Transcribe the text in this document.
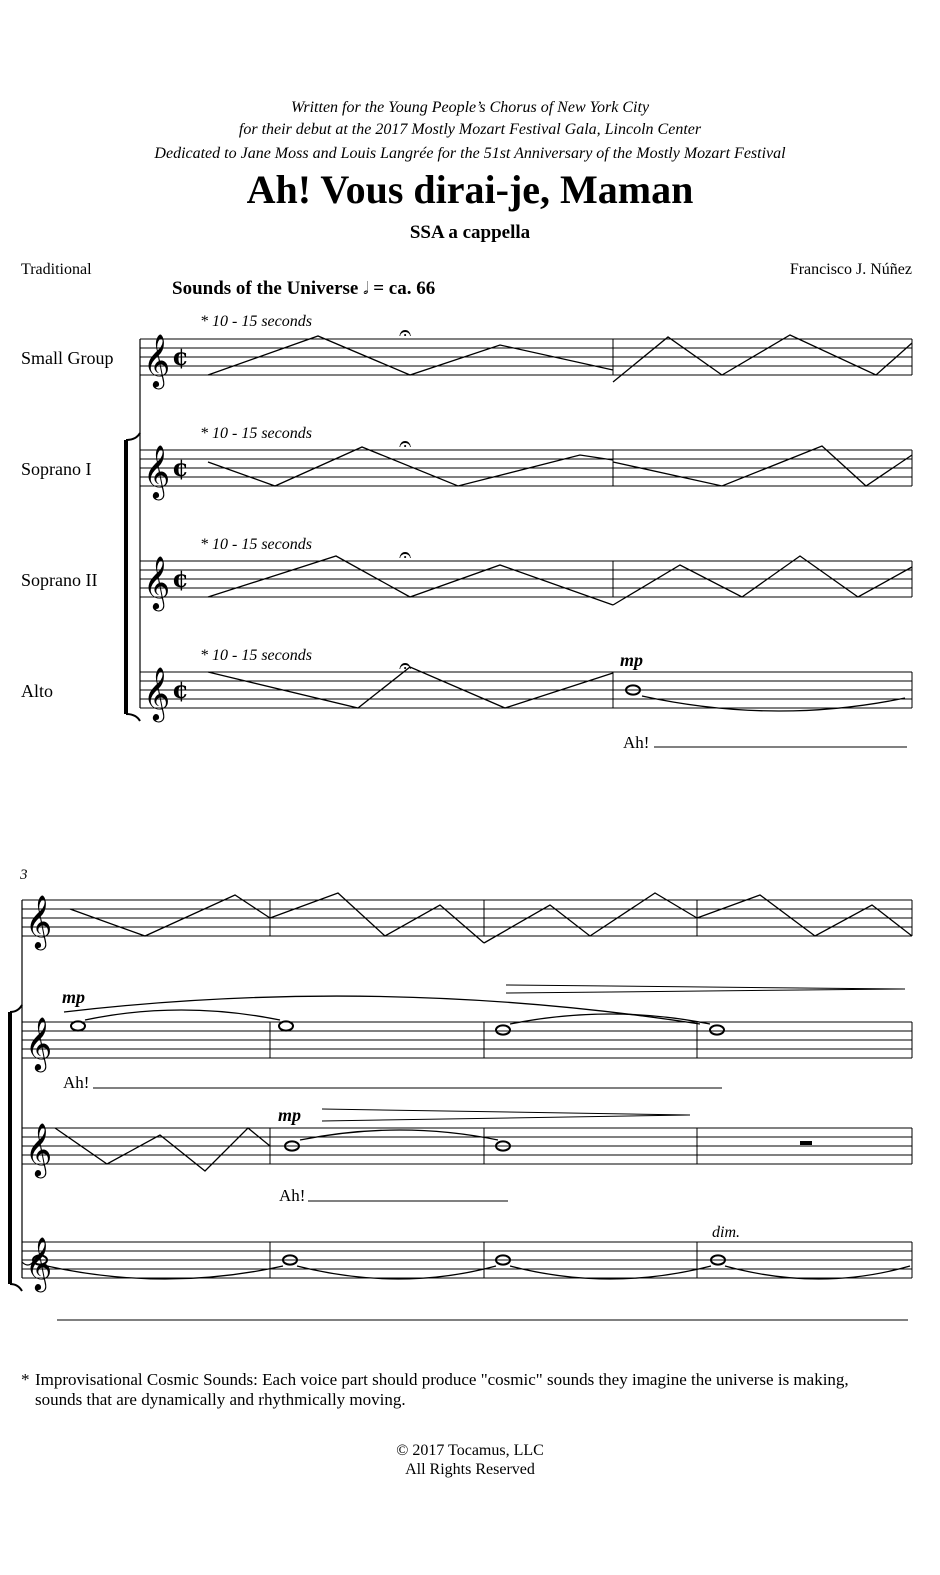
Written for the Young People’s Chorus of New York City
for their debut at the 2017 Mostly Mozart Festival Gala, Lincoln Center
Dedicated to Jane Moss and Louis Langrée for the 51st Anniversary of the Mostly Mozart Festival
Ah! Vous dirai-je, Maman
SSA a cappella
Traditional	Francisco J. Núñez
Sounds of the Universe 𝅗𝅥 = ca. 66
Small Group
Soprano I
Soprano II
Alto
* 10 - 15 seconds
* 10 - 15 seconds
* 10 - 15 seconds
* 10 - 15 seconds	mp
Ah!
3
mp
Ah!
mp
Ah!
dim.
* Improvisational Cosmic Sounds: Each voice part should produce "cosmic" sounds they imagine the universe is making, sounds that are dynamically and rhythmically moving.
© 2017 Tocamus, LLC
All Rights Reserved
𝄐
𝄐
𝄐
𝄐
𝄞
𝄞
𝄞
𝄞
𝄞
𝄞
𝄞
𝄞
¢
¢
¢
¢
